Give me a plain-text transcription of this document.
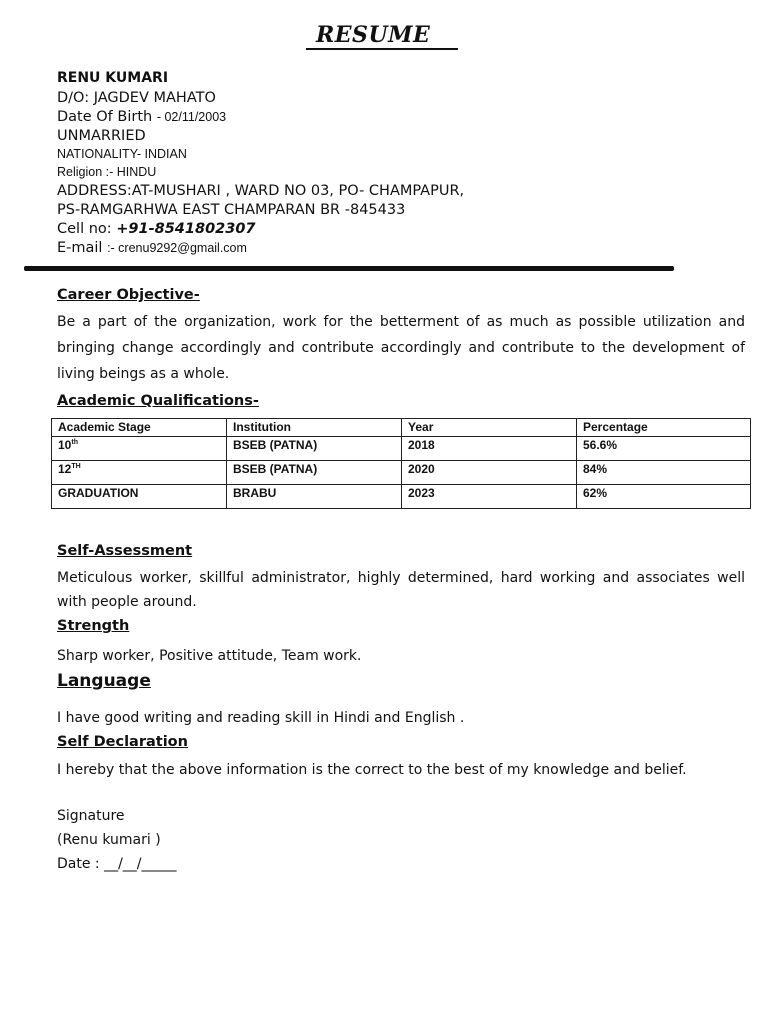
RESUME
RENU KUMARI
D/O: JAGDEV MAHATO
Date Of Birth - 02/11/2003
UNMARRIED
NATIONALITY- INDIAN
Religion :- HINDU
ADDRESS:AT-MUSHARI , WARD NO 03, PO- CHAMPAPUR,
PS-RAMGARHWA EAST CHAMPARAN BR -845433
Cell no: +91-8541802307
E-mail :- crenu9292@gmail.com
Career Objective-
Be a part of the organization, work for the betterment of as much as possible utilization and bringing change accordingly and contribute accordingly and contribute to the development of living beings as a whole.
Academic Qualifications-
Academic Stage	Institution	Year	Percentage
10th	BSEB (PATNA)	2018	56.6%
12TH	BSEB (PATNA)	2020	84%
GRADUATION	BRABU	2023	62%
Self-Assessment
Meticulous worker, skillful administrator, highly determined, hard working and associates well with people around.
Strength
Sharp worker, Positive attitude, Team work.
Language
I have good writing and reading skill in Hindi and English .
Self Declaration
I hereby that the above information is the correct to the best of my knowledge and belief.
Signature
(Renu kumari )
Date : __/__/_____
